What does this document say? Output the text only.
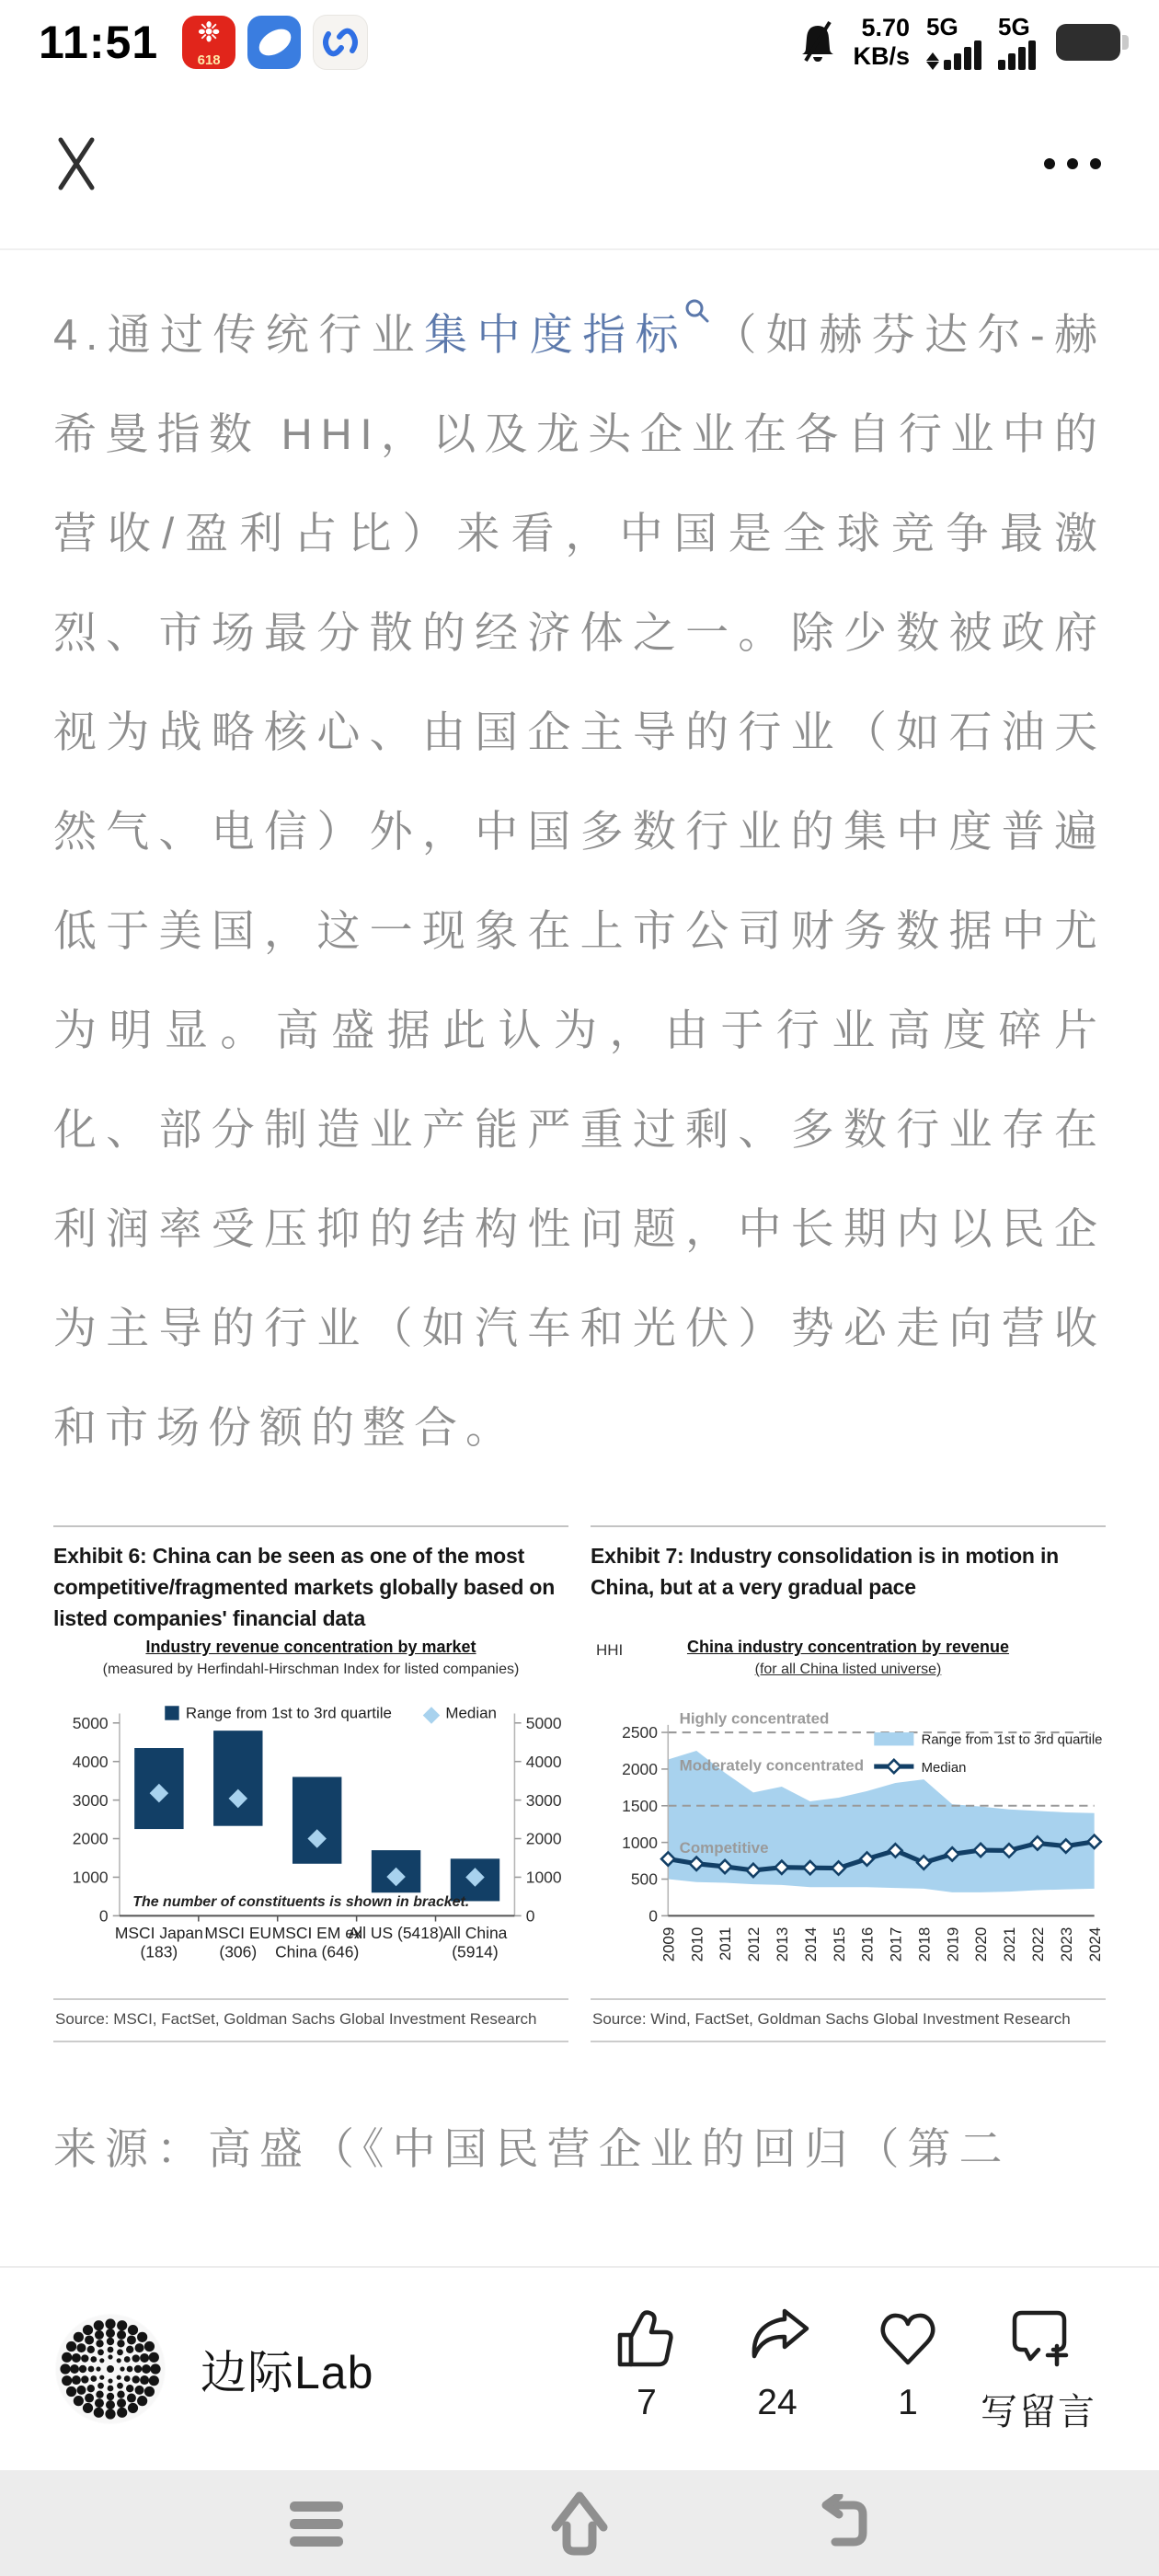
11:51	❉
618
5.70
KB/s
5G 5G

4.通过传统行业集中度指标 （如赫芬达尔-赫希曼指数 HHI，以及龙头企业在各自行业中的营收/盈利占比）来看，中国是全球竞争最激烈、市场最分散的经济体之一。除少数被政府视为战略核心、由国企主导的行业（如石油天然气、电信）外，中国多数行业的集中度普遍低于美国，这一现象在上市公司财务数据中尤为明显。高盛据此认为，由于行业高度碎片化、部分制造业产能严重过剩、多数行业存在利润率受压抑的结构性问题，中长期内以民企为主导的行业（如汽车和光伏）势必走向营收和市场份额的整合。

Exhibit 6: China can be seen as one of the most competitive/fragmented markets globally based on listed companies' financial data
Industry revenue concentration by market
(measured by Herfindahl-Hirschman Index for listed companies)
0	0
1000	1000
2000	2000
3000	3000
4000	4000
5000	5000
Range from 1st to 3rd quartile	Median
MSCI Japan (183)
MSCI EU (306)
MSCI EM ex China (646)
All US (5418) All China (5914)
The number of constituents is shown in bracket.
Source: MSCI, FactSet, Goldman Sachs Global Investment Research
Exhibit 7: Industry consolidation is in motion in China, but at a very gradual pace
HHI	China industry concentration by revenue
(for all China listed universe)
Highly concentrated
Moderately concentrated
Competitive
0
500
1000
1500
2000
2500	Range from 1st to 3rd quartile
Median
2009 2010 2011 2012 2013 2014 2015 2016 2017 2018 2019 2020 2021 2022 2023 2024
Source: Wind, FactSet, Goldman Sachs Global Investment Research

来源：高盛（《中国民营企业的回归（第二

边际Lab
7	24	1	写留言
